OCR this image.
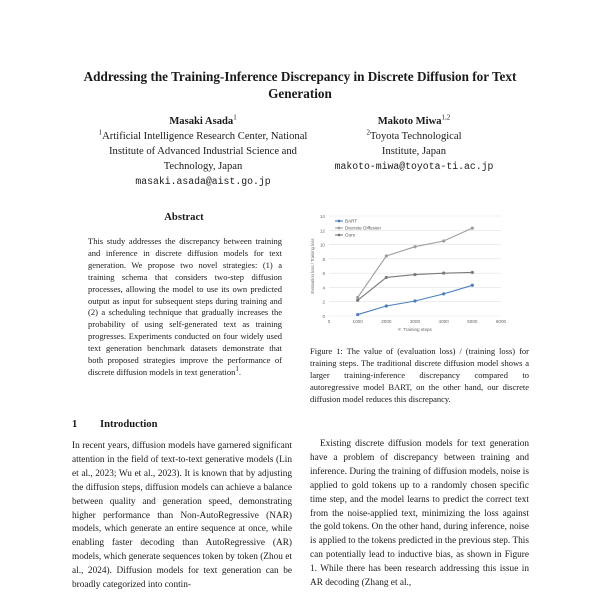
Addressing the Training-Inference Discrepancy in Discrete Diffusion for Text Generation
Masaki Asada$^1$
$^1$Artificial Intelligence Research Center, National Institute of Advanced Industrial Science and Technology, Japan
masaki.asada@aist.go.jp
Makoto Miwa$^{1,2}$
$^2$Toyota Technological Institute, Japan
makoto-miwa@toyota-ti.ac.jp
Abstract
This study addresses the discrepancy between training and inference in discrete diffusion models for text generation. We propose two novel strategies: (1) a training schema that considers two-step diffusion processes, allowing the model to use its own predicted output as input for subsequent steps during training and (2) a scheduling technique that gradually increases the probability of using self-generated text as training progresses. Experiments conducted on four widely used text generation benchmark datasets demonstrate that both proposed strategies improve the performance of discrete diffusion models in text generation$^1$.
1 Introduction
In recent years, diffusion models have garnered significant attention in the field of text-to-text generative models (Lin et al., 2023; Wu et al., 2023). It is known that by adjusting the diffusion steps, diffusion models can achieve a balance between quality and generation speed, demonstrating higher performance than Non-AutoRegressive (NAR) models, which generate an entire sequence at once, while enabling faster decoding than AutoRegressive (AR) models, which generate sequences token by token (Zhou et al., 2024). Diffusion models for text generation can be broadly categorized into contin-
0
2
4
6
8
10
12
14
0	1000	2000	3000	4000	5000	6000
#. Training steps
Evaluation loss / Training loss
BART
Discrete Diffusion
Ours
Figure 1: The value of (evaluation loss) / (training loss) for training steps. The traditional discrete diffusion model shows a larger training-inference discrepancy compared to autoregressive model BART, on the other hand, our discrete diffusion model reduces this discrepancy.
Existing discrete diffusion models for text generation have a problem of discrepancy between training and inference. During the training of diffusion models, noise is applied to gold tokens up to a randomly chosen specific time step, and the model learns to predict the correct text from the noise-applied text, minimizing the loss against the gold tokens. On the other hand, during inference, noise is applied to the tokens predicted in the previous step. This can potentially lead to inductive bias, as shown in Figure 1. While there has been research addressing this issue in AR decoding (Zhang et al.,
